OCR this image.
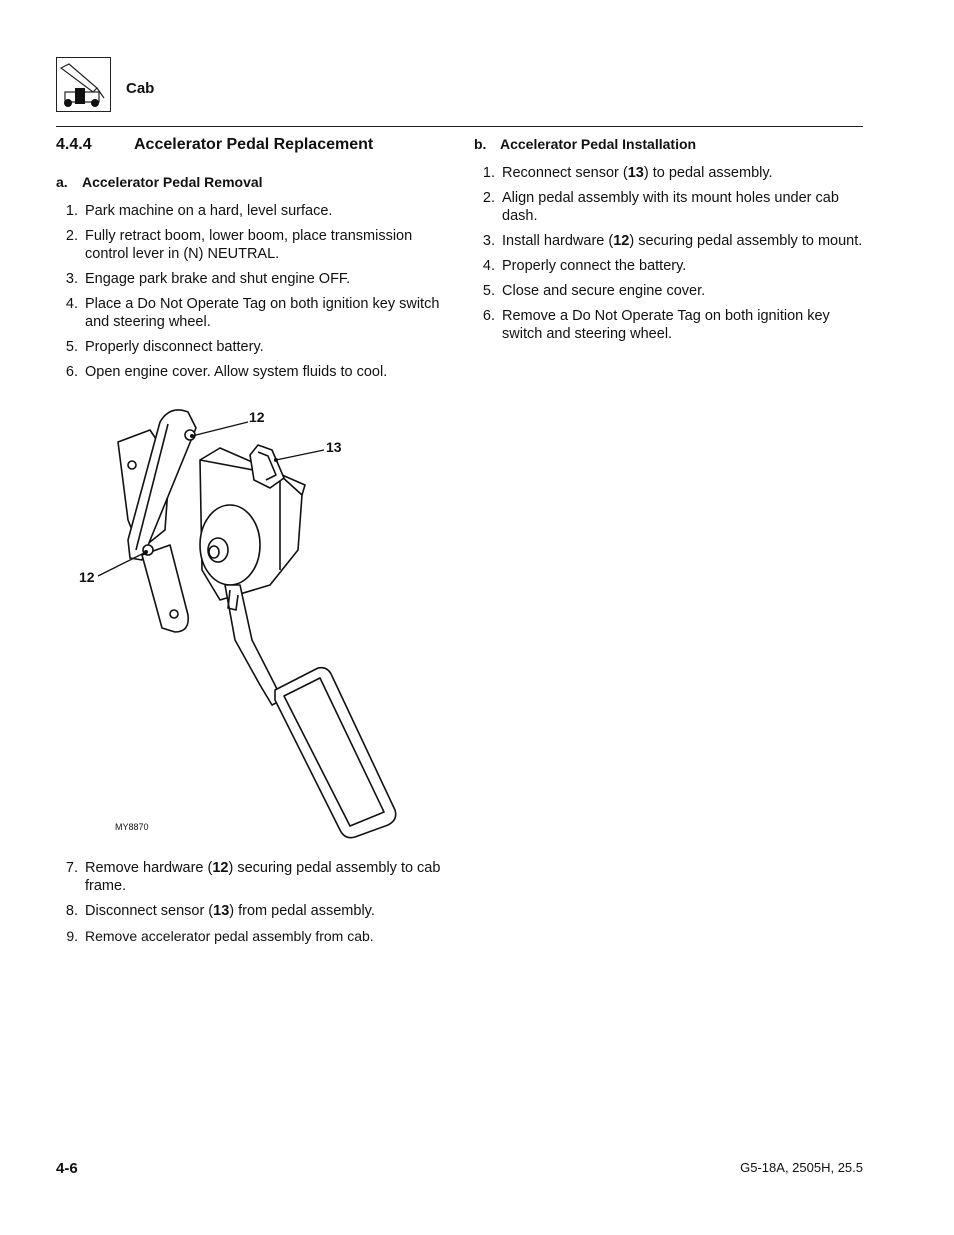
Cab
4.4.4	Accelerator Pedal Replacement
a. Accelerator Pedal Removal
1. Park machine on a hard, level surface.
2. Fully retract boom, lower boom, place transmission control lever in (N) NEUTRAL.
3. Engage park brake and shut engine OFF.
4. Place a Do Not Operate Tag on both ignition key switch and steering wheel.
5. Properly disconnect battery.
6. Open engine cover. Allow system fluids to cool.
12
13
12
MY8870
7. Remove hardware (12) securing pedal assembly to cab frame.
8. Disconnect sensor (13) from pedal assembly.
9. Remove accelerator pedal assembly from cab.
b. Accelerator Pedal Installation
1. Reconnect sensor (13) to pedal assembly.
2. Align pedal assembly with its mount holes under cab dash.
3. Install hardware (12) securing pedal assembly to mount.
4. Properly connect the battery.
5. Close and secure engine cover.
6. Remove a Do Not Operate Tag on both ignition key switch and steering wheel.
4-6	G5-18A, 2505H, 25.5
